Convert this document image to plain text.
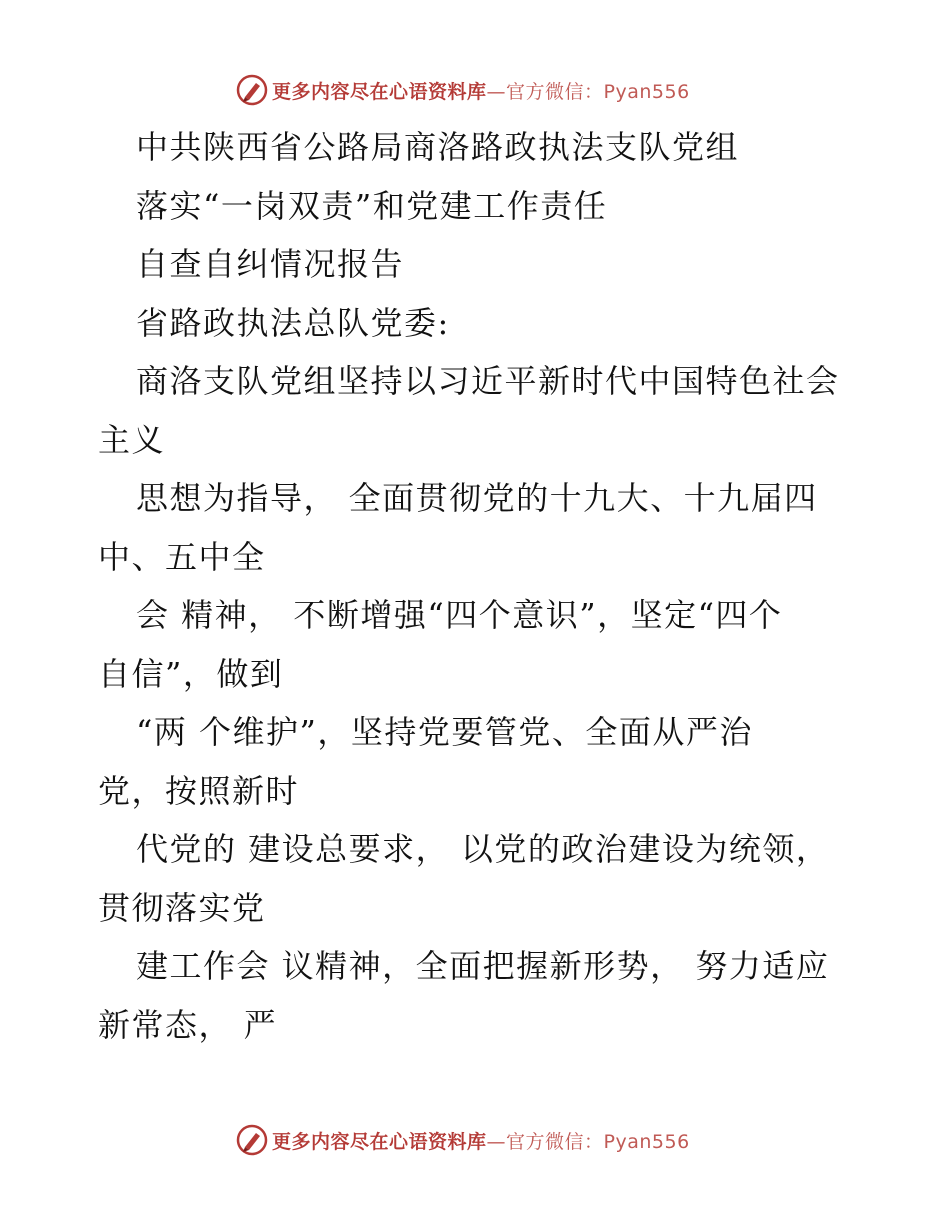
更多内容尽在心语资料库—官方微信：Pyan556
中共陕西省公路局商洛路政执法支队党组
落实“一岗双责”和党建工作责任
自查自纠情况报告
省路政执法总队党委:
商洛支队党组坚持以习近平新时代中国特色社会
主义
思想为指导， 全面贯彻党的十九大、十九届四
中、五中全
会 精神， 不断增强“四个意识”，坚定“四个
自信”，做到
“两 个维护”，坚持党要管党、全面从严治
党，按照新时
代党的 建设总要求， 以党的政治建设为统领，
贯彻落实党
建工作会 议精神，全面把握新形势， 努力适应
新常态， 严
更多内容尽在心语资料库—官方微信：Pyan556
